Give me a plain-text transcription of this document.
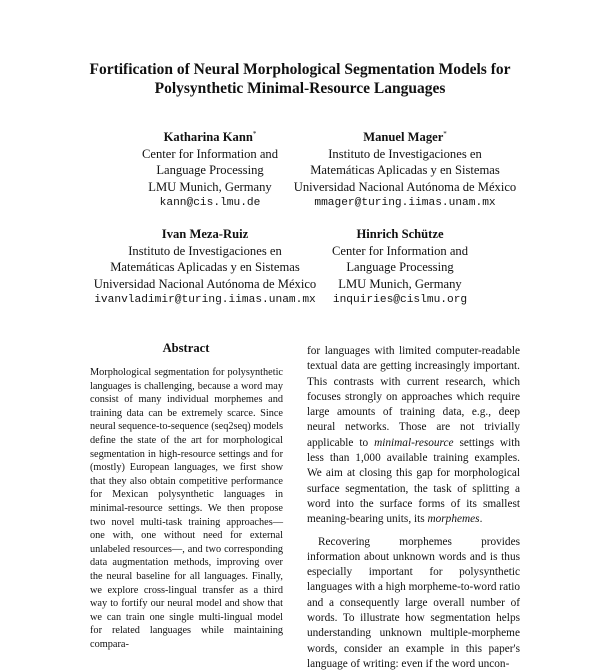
Fortification of Neural Morphological Segmentation Models for
Polysynthetic Minimal-Resource Languages
Katharina Kann*
Center for Information and
Language Processing
LMU Munich, Germany
kann@cis.lmu.de
Manuel Mager*
Instituto de Investigaciones en
Matemáticas Aplicadas y en Sistemas
Universidad Nacional Autónoma de México
mmager@turing.iimas.unam.mx
Ivan Meza-Ruiz
Instituto de Investigaciones en
Matemáticas Aplicadas y en Sistemas
Universidad Nacional Autónoma de México
ivanvladimir@turing.iimas.unam.mx
Hinrich Schütze
Center for Information and
Language Processing
LMU Munich, Germany
inquiries@cislmu.org
Abstract
Morphological segmentation for polysynthetic languages is challenging, because a word may consist of many individual morphemes and training data can be extremely scarce. Since neural sequence-to-sequence (seq2seq) models define the state of the art for morphological segmentation in high-resource settings and for (mostly) European languages, we first show that they also obtain competitive performance for Mexican polysynthetic languages in minimal-resource settings. We then propose two novel multi-task training approaches—one with, one without need for external unlabeled resources—, and two corresponding data augmentation methods, improving over the neural baseline for all languages. Finally, we explore cross-lingual transfer as a third way to fortify our neural model and show that we can train one single multi-lingual model for related languages while maintaining compara-

for languages with limited computer-readable textual data are getting increasingly important. This contrasts with current research, which focuses strongly on approaches which require large amounts of training data, e.g., deep neural networks. Those are not trivially applicable to minimal-resource settings with less than 1,000 available training examples. We aim at closing this gap for morphological surface segmentation, the task of splitting a word into the surface forms of its smallest meaning-bearing units, its morphemes.

Recovering morphemes provides information about unknown words and is thus especially important for polysynthetic languages with a high morpheme-to-word ratio and a consequently large overall number of words. To illustrate how segmentation helps understanding unknown multiple-morpheme words, consider an example in this paper's language of writing: even if the word uncon-
